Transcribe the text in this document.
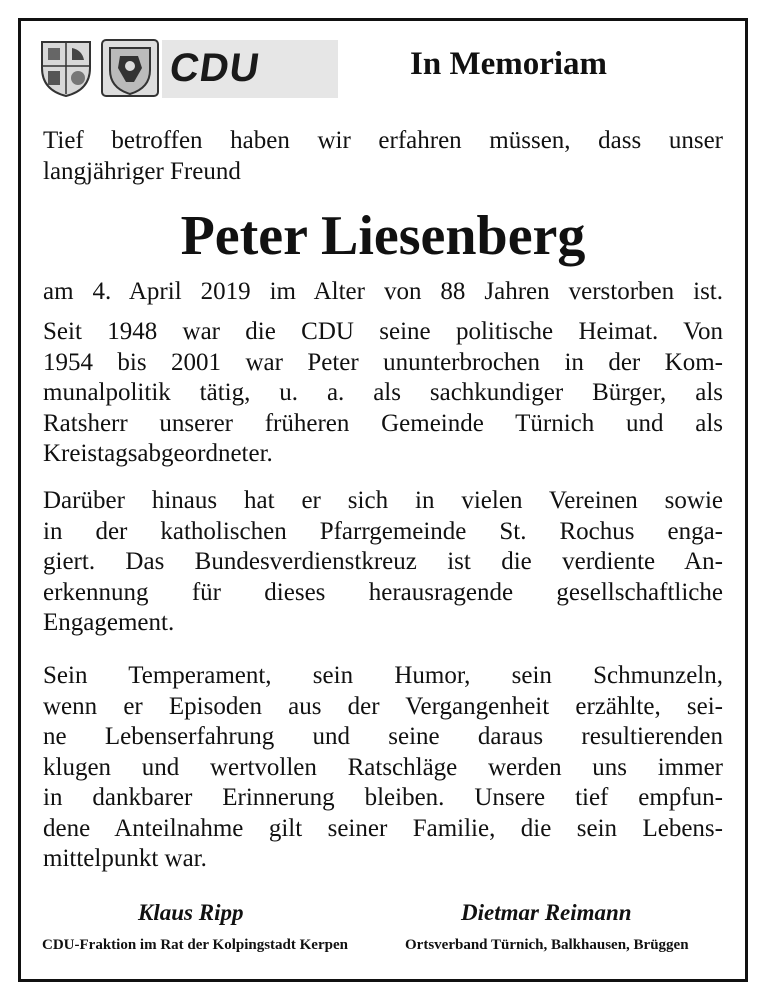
CDU	In Memoriam
Tief betroffen haben wir erfahren müssen, dass unser
langjähriger Freund
Peter Liesenberg
am 4. April 2019 im Alter von 88 Jahren verstorben ist.
Seit 1948 war die CDU seine politische Heimat. Von
1954 bis 2001 war Peter ununterbrochen in der Kom-
munalpolitik tätig, u. a. als sachkundiger Bürger, als
Ratsherr unserer früheren Gemeinde Türnich und als
Kreistagsabgeordneter.
Darüber hinaus hat er sich in vielen Vereinen sowie
in der katholischen Pfarrgemeinde St. Rochus enga-
giert. Das Bundesverdienstkreuz ist die verdiente An-
erkennung für dieses herausragende gesellschaftliche
Engagement.
Sein Temperament, sein Humor, sein Schmunzeln,
wenn er Episoden aus der Vergangenheit erzählte, sei-
ne Lebenserfahrung und seine daraus resultierenden
klugen und wertvollen Ratschläge werden uns immer
in dankbarer Erinnerung bleiben. Unsere tief empfun-
dene Anteilnahme gilt seiner Familie, die sein Lebens-
mittelpunkt war.
Klaus Ripp	Dietmar Reimann
CDU-Fraktion im Rat der Kolpingstadt Kerpen	Ortsverband Türnich, Balkhausen, Brüggen
